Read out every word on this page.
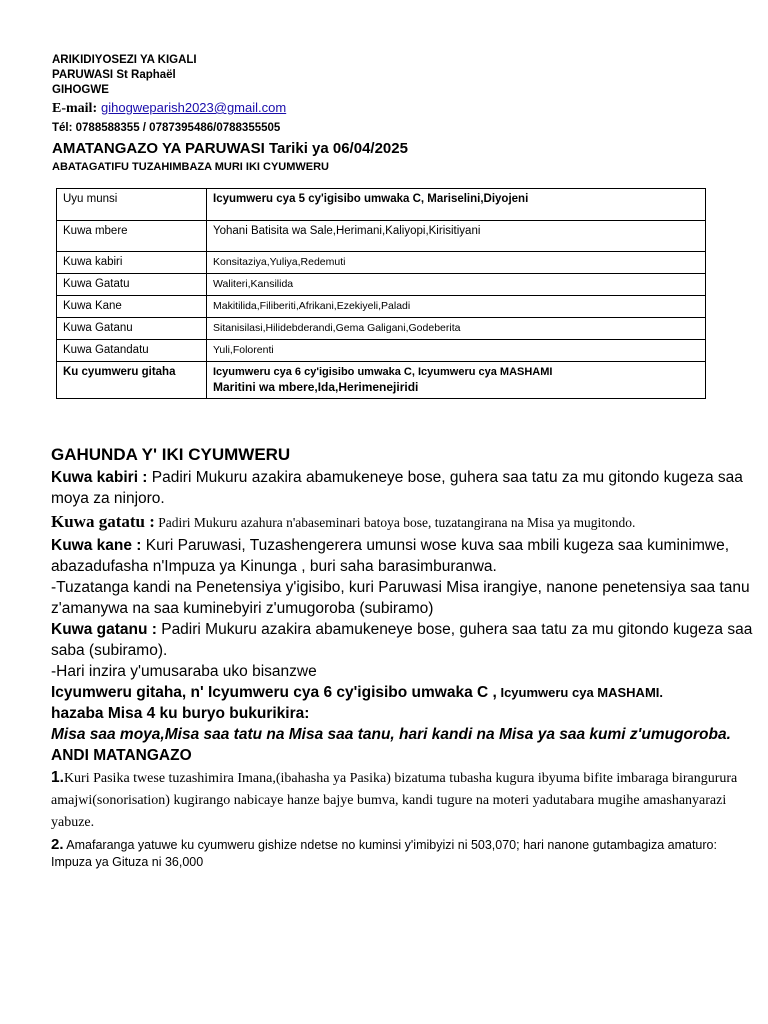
ARIKIDIYOSEZI YA KIGALI
PARUWASI St Raphaël
GIHOGWE
E-mail: gihogweparish2023@gmail.com
Tél: 0788588355 / 0787395486/0788355505
AMATANGAZO YA PARUWASI Tariki ya 06/04/2025
ABATAGATIFU TUZAHIMBAZA MURI IKI CYUMWERU
Uyu munsi	Icyumweru cya 5 cy'igisibo umwaka C, Mariselini,Diyojeni
Kuwa mbere	Yohani Batisita wa Sale,Herimani,Kaliyopi,Kirisitiyani
Kuwa kabiri	Konsitaziya,Yuliya,Redemuti
Kuwa Gatatu	Waliteri,Kansilida
Kuwa Kane	Makitilida,Filiberiti,Afrikani,Ezekiyeli,Paladi
Kuwa Gatanu	Sitanisilasi,Hilidebderandi,Gema Galigani,Godeberita
Kuwa Gatandatu	Yuli,Folorenti
Ku cyumweru gitaha	Icyumweru cya 6 cy'igisibo umwaka C, Icyumweru cya MASHAMI
Maritini wa mbere,Ida,Herimenejiridi

GAHUNDA Y' IKI CYUMWERU

Kuwa kabiri : Padiri Mukuru azakira abamukeneye bose, guhera saa tatu za mu gitondo kugeza saa moya za ninjoro.

Kuwa gatatu : Padiri Mukuru azahura n'abaseminari batoya bose, tuzatangirana na Misa ya mugitondo.

Kuwa kane : Kuri Paruwasi, Tuzashengerera umunsi wose kuva saa mbili kugeza saa kuminimwe, abazadufasha n'Impuza ya Kinunga , buri saha barasimburanwa.

-Tuzatanga kandi na Penetensiya y'igisibo, kuri Paruwasi Misa irangiye, nanone penetensiya saa tanu z'amanywa na saa kuminebyiri z'umugoroba (subiramo)

Kuwa gatanu : Padiri Mukuru azakira abamukeneye bose, guhera saa tatu za mu gitondo kugeza saa saba (subiramo).

-Hari inzira y'umusaraba uko bisanzwe

Icyumweru gitaha, n' Icyumweru cya 6 cy'igisibo umwaka C , Icyumweru cya MASHAMI.

hazaba Misa 4 ku buryo bukurikira:

Misa saa moya,Misa saa tatu na Misa saa tanu, hari kandi na Misa ya saa kumi z'umugoroba.

ANDI MATANGAZO

1.Kuri Pasika twese tuzashimira Imana,(ibahasha ya Pasika) bizatuma tubasha kugura ibyuma bifite imbaraga birangurura amajwi(sonorisation) kugirango nabicaye hanze bajye bumva, kandi tugure na moteri yadutabara mugihe amashanyarazi yabuze.

2. Amafaranga yatuwe ku cyumweru gishize ndetse no kuminsi y'imibyizi ni 503,070; hari nanone gutambagiza amaturo: Impuza ya Gituza ni 36,000
